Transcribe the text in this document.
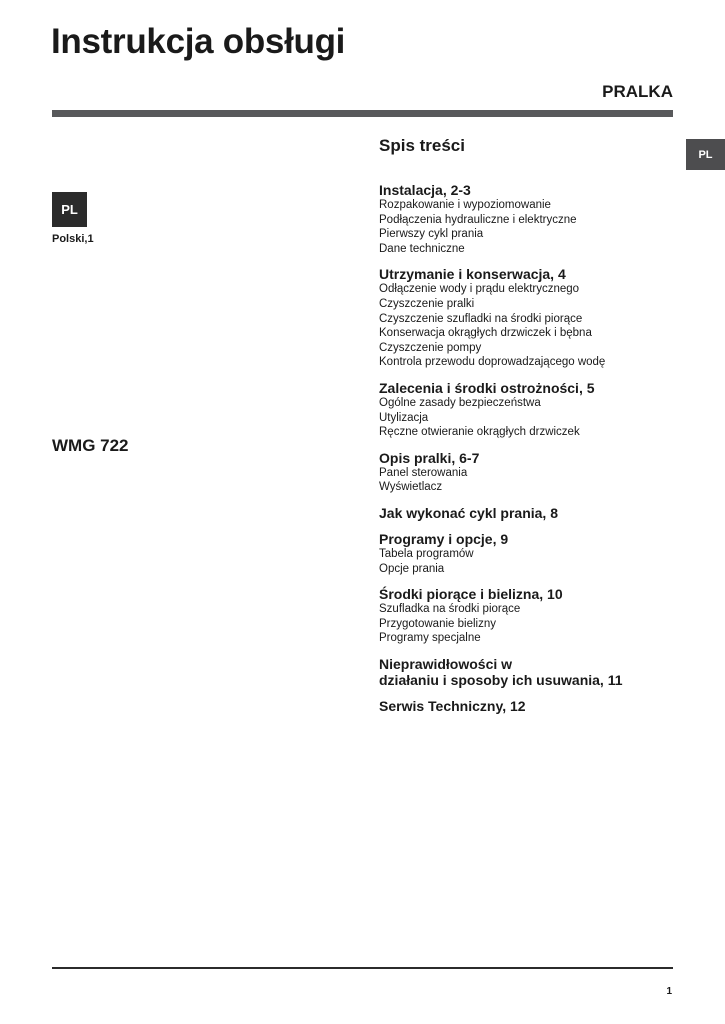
Instrukcja obsługi
PRALKA
PL
PL
Polski,1
WMG 722
Spis treści
Instalacja, 2-3
Rozpakowanie i wypoziomowanie
Podłączenia hydrauliczne i elektryczne
Pierwszy cykl prania
Dane techniczne
Utrzymanie i konserwacja, 4
Odłączenie wody i prądu elektrycznego
Czyszczenie pralki
Czyszczenie szufladki na środki piorące
Konserwacja okrągłych drzwiczek i bębna
Czyszczenie pompy
Kontrola przewodu doprowadzającego wodę
Zalecenia i środki ostrożności, 5
Ogólne zasady bezpieczeństwa
Utylizacja
Ręczne otwieranie okrągłych drzwiczek
Opis pralki, 6-7
Panel sterowania
Wyświetlacz
Jak wykonać cykl prania, 8
Programy i opcje, 9
Tabela programów
Opcje prania
Środki piorące i bielizna, 10
Szufladka na środki piorące
Przygotowanie bielizny
Programy specjalne
Nieprawidłowości w
działaniu i sposoby ich usuwania, 11
Serwis Techniczny, 12
1
